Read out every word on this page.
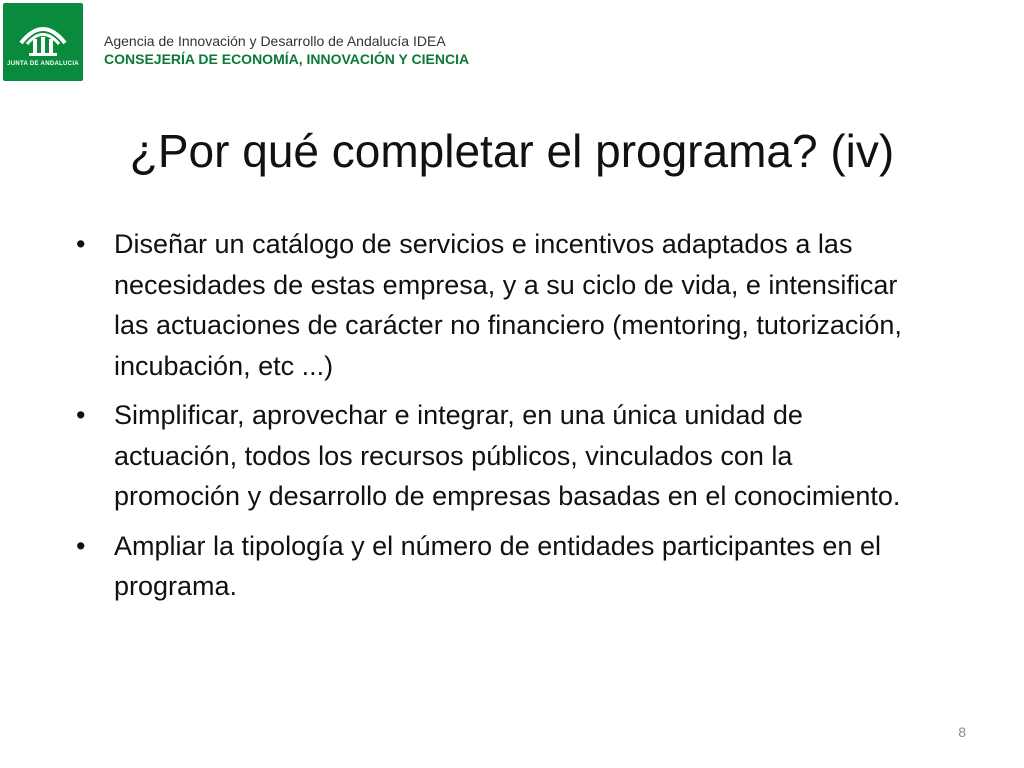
JUNTA DE ANDALUCIA
Agencia de Innovación y Desarrollo de Andalucía IDEA
CONSEJERÍA DE ECONOMÍA, INNOVACIÓN Y CIENCIA
¿Por qué completar el programa? (iv)
• Diseñar un catálogo de servicios e incentivos adaptados a las necesidades de estas empresa, y a su ciclo de vida, e intensificar las actuaciones de carácter no financiero (mentoring, tutorización, incubación, etc ...)
• Simplificar, aprovechar e integrar, en una única unidad de actuación, todos los recursos públicos, vinculados con la promoción y desarrollo de empresas basadas en el conocimiento.
• Ampliar la tipología y el número de entidades participantes en el programa.
8
